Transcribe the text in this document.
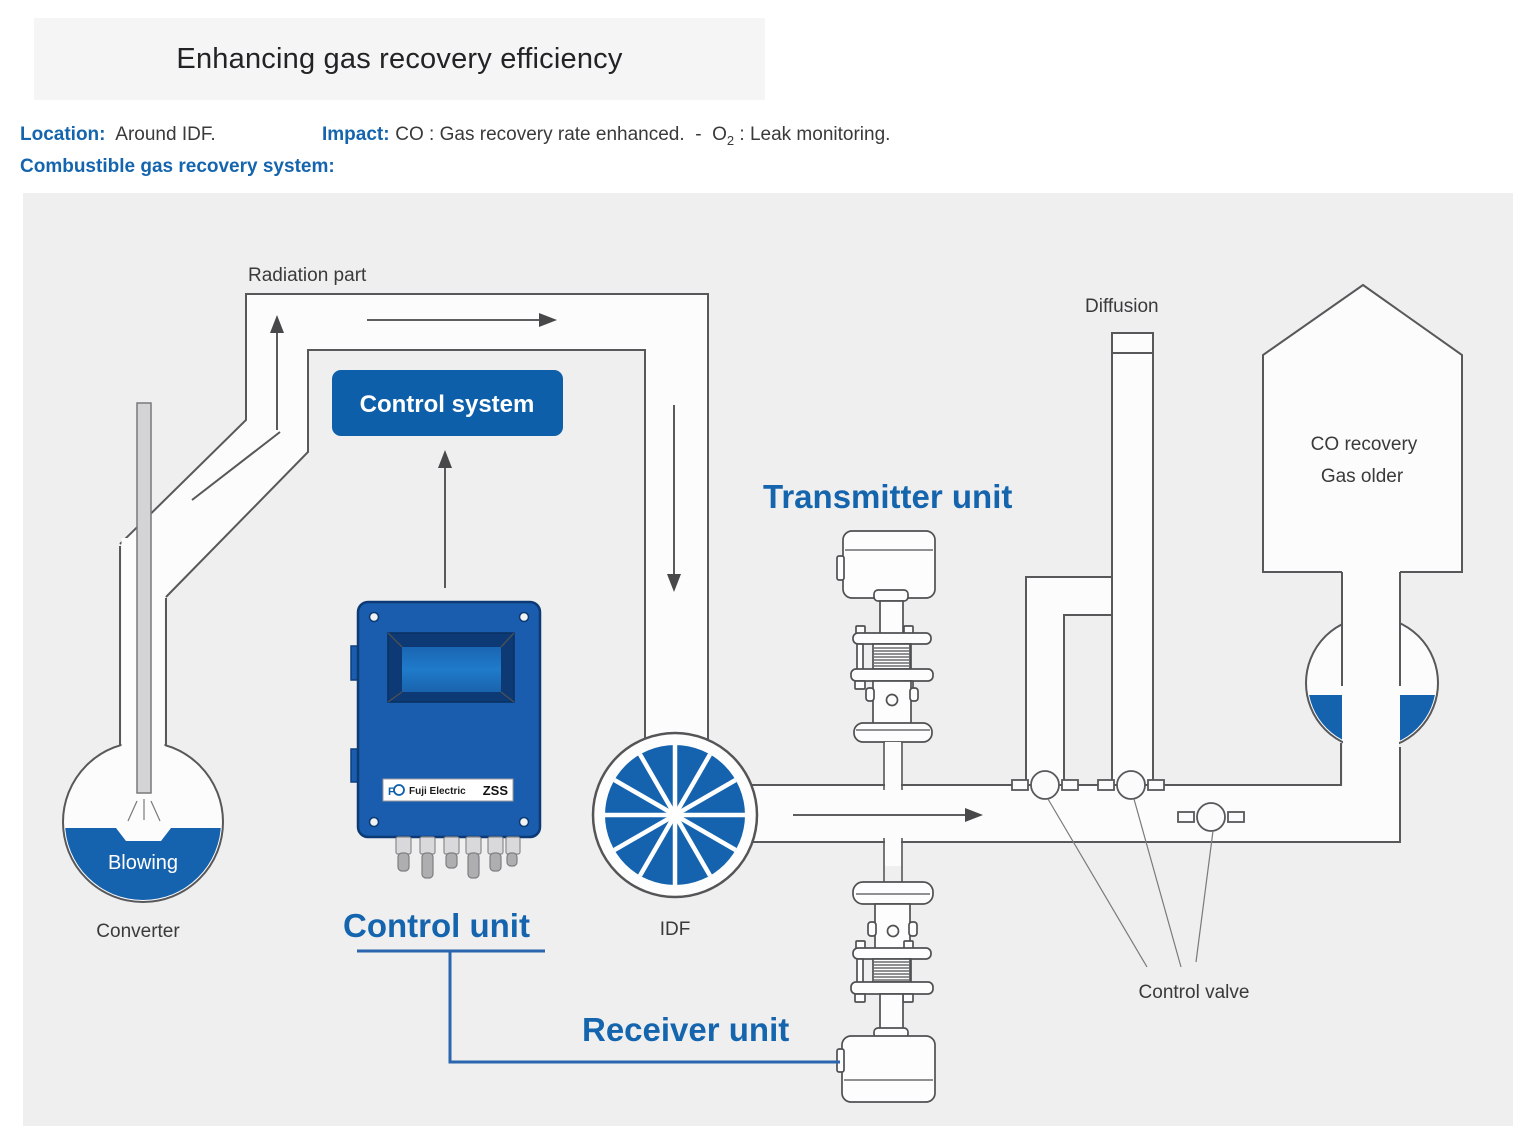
Enhancing gas recovery efficiency
Location: Around IDF.	Impact: CO : Gas recovery rate enhanced.  -  $O_2$ : Leak monitoring.
Combustible gas recovery system:
Radiation part
Blowing
Converter
Diffusion
CO recovery
Gas older
IDF
Control valve
Transmitter unit
Receiver unit
Control system
F Fuji Electric ZSS
Control unit
